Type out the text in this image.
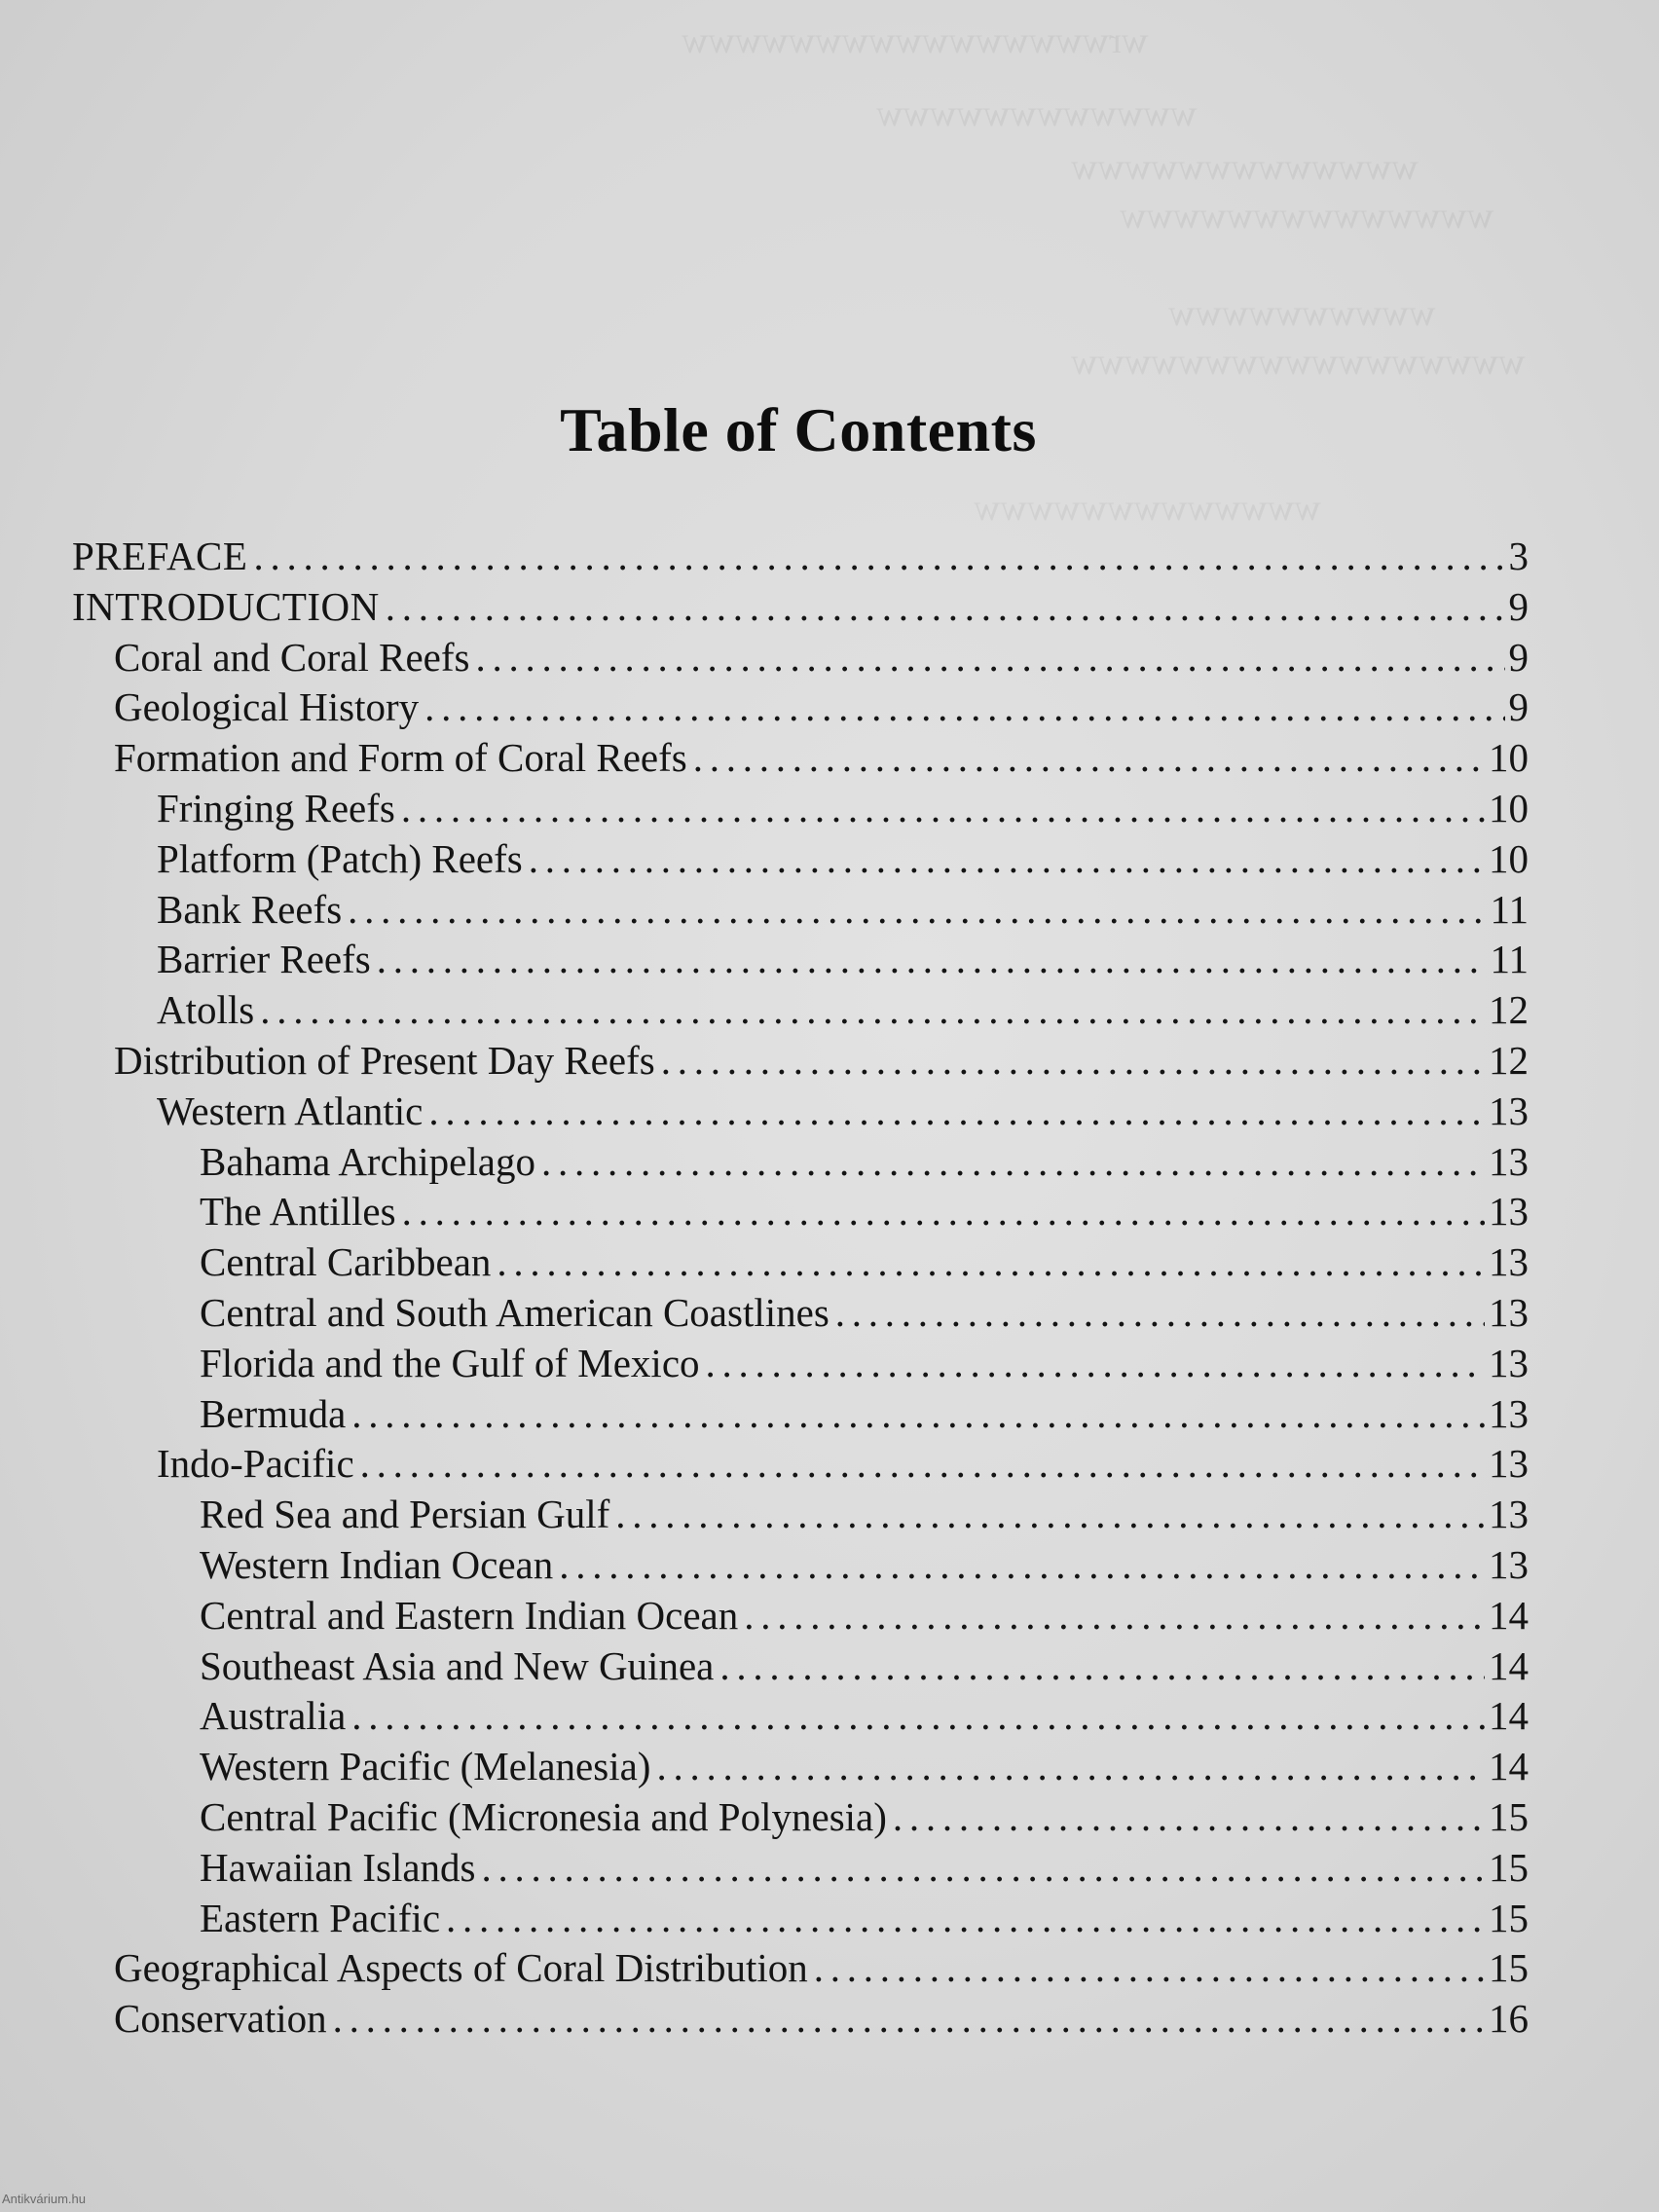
wrwwwwwwwwwwwwwwww
wwwwwwwwwwww
wwwwwwwwwwwww
wwwwwwwwwwwwww
wwwwwwwwww
wwwwwwwwwwwwwwwww
wwwwwwwwwwwww
Table of Contents
PREFACE . . .	3
INTRODUCTION . . .	9
Coral and Coral Reefs . . .	9
Geological History . . .	9
Formation and Form of Coral Reefs . . .	10
Fringing Reefs . . .	10
Platform (Patch) Reefs . . .	10
Bank Reefs . . .	11
Barrier Reefs . . .	11
Atolls . . .	12
Distribution of Present Day Reefs . . .	12
Western Atlantic . . .	13
Bahama Archipelago . . .	13
The Antilles . . .	13
Central Caribbean . . .	13
Central and South American Coastlines . . .	13
Florida and the Gulf of Mexico . . .	13
Bermuda . . .	13
Indo-Pacific . . .	13
Red Sea and Persian Gulf . . .	13
Western Indian Ocean . . .	13
Central and Eastern Indian Ocean . . .	14
Southeast Asia and New Guinea . . .	14
Australia . . .	14
Western Pacific (Melanesia) . . .	14
Central Pacific (Micronesia and Polynesia) . . .	15
Hawaiian Islands . . .	15
Eastern Pacific . . .	15
Geographical Aspects of Coral Distribution . . .	15
Conservation . . .	16
Antikvárium.hu
